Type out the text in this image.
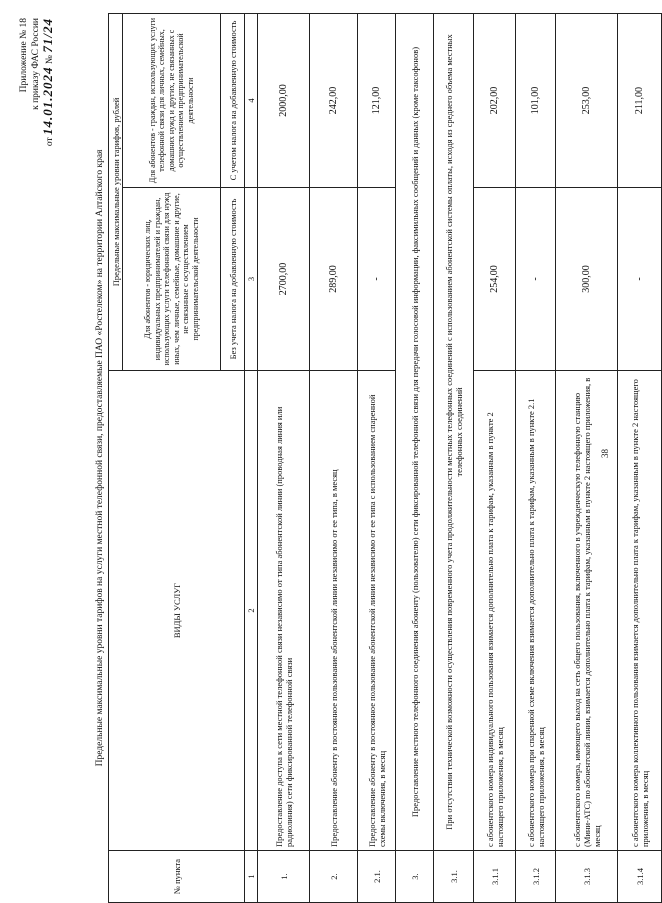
38
Приложение № 18 к приказу ФАС России
от 14.01.2024 № 71/24
Предельные максимальные уровни тарифов на услуги местной телефонной связи, предоставляемые ПАО «Ростелеком» на территории Алтайского края
№ пункта	ВИДЫ УСЛУГ	Предельные максимальные уровни тарифов, рублей	
		Для абонентов - юридических лиц, индивидуальных предпринимателей и граждан, использующих услуги телефонной связи для нужд иных, чем личные, семейные, домашние и другие, не связанные с осуществлением предпринимательской деятельности	Для абонентов - граждан, использующих услуги телефонной связи для личных, семейных, домашних нужд и других, не связанных с осуществлением предпринимательской деятельности
		Без учета налога на добавленную стоимость	С учетом налога на добавленную стоимость
1	2	3	4
1.	Предоставление доступа к сети местной телефонной связи независимо от типа абонентской линии (проводная линия или радиолиния) сети фиксированной телефонной связи	2700,00	2000,00
2.	Предоставление абоненту в постоянное пользование абонентской линии независимо от ее типа, в месяц	289,00	242,00
2.1.	Предоставление абоненту в постоянное пользование абонентской линии независимо от ее типа с использованием спаренной схемы включения, в месяц	-	121,00
3.	Предоставление местного телефонного соединения абоненту (пользователю) сети фиксированной телефонной связи для передачи голосовой информации, факсимильных сообщений и данных (кроме таксофонов)		
3.1.	При отсутствии технической возможности осуществления повременного учета продолжительности местных телефонных соединений с использованием абонентской системы оплаты, исходя из среднего объема местных телефонных соединений		
3.1.1	с абонентского номера индивидуального пользования взимается дополнительно плата к тарифам, указанным в пункте 2 настоящего приложения, в месяц	254,00	202,00
3.1.2	с абонентского номера при спаренной схеме включения взимается дополнительно плата к тарифам, указанным в пункте 2.1 настоящего приложения, в месяц	-	101,00
3.1.3	с абонентского номера, имеющего выход на сеть общего пользования, включенного в учрежденческую телефонную станцию (Мини-АТС) по абонентской линии, взимается дополнительно плата к тарифам, указанным в пункте 2 настоящего приложения, в месяц	300,00	253,00
3.1.4	с абонентского номера коллективного пользования взимается дополнительно плата к тарифам, указанным в пункте 2 настоящего приложения, в месяц	-	211,00
